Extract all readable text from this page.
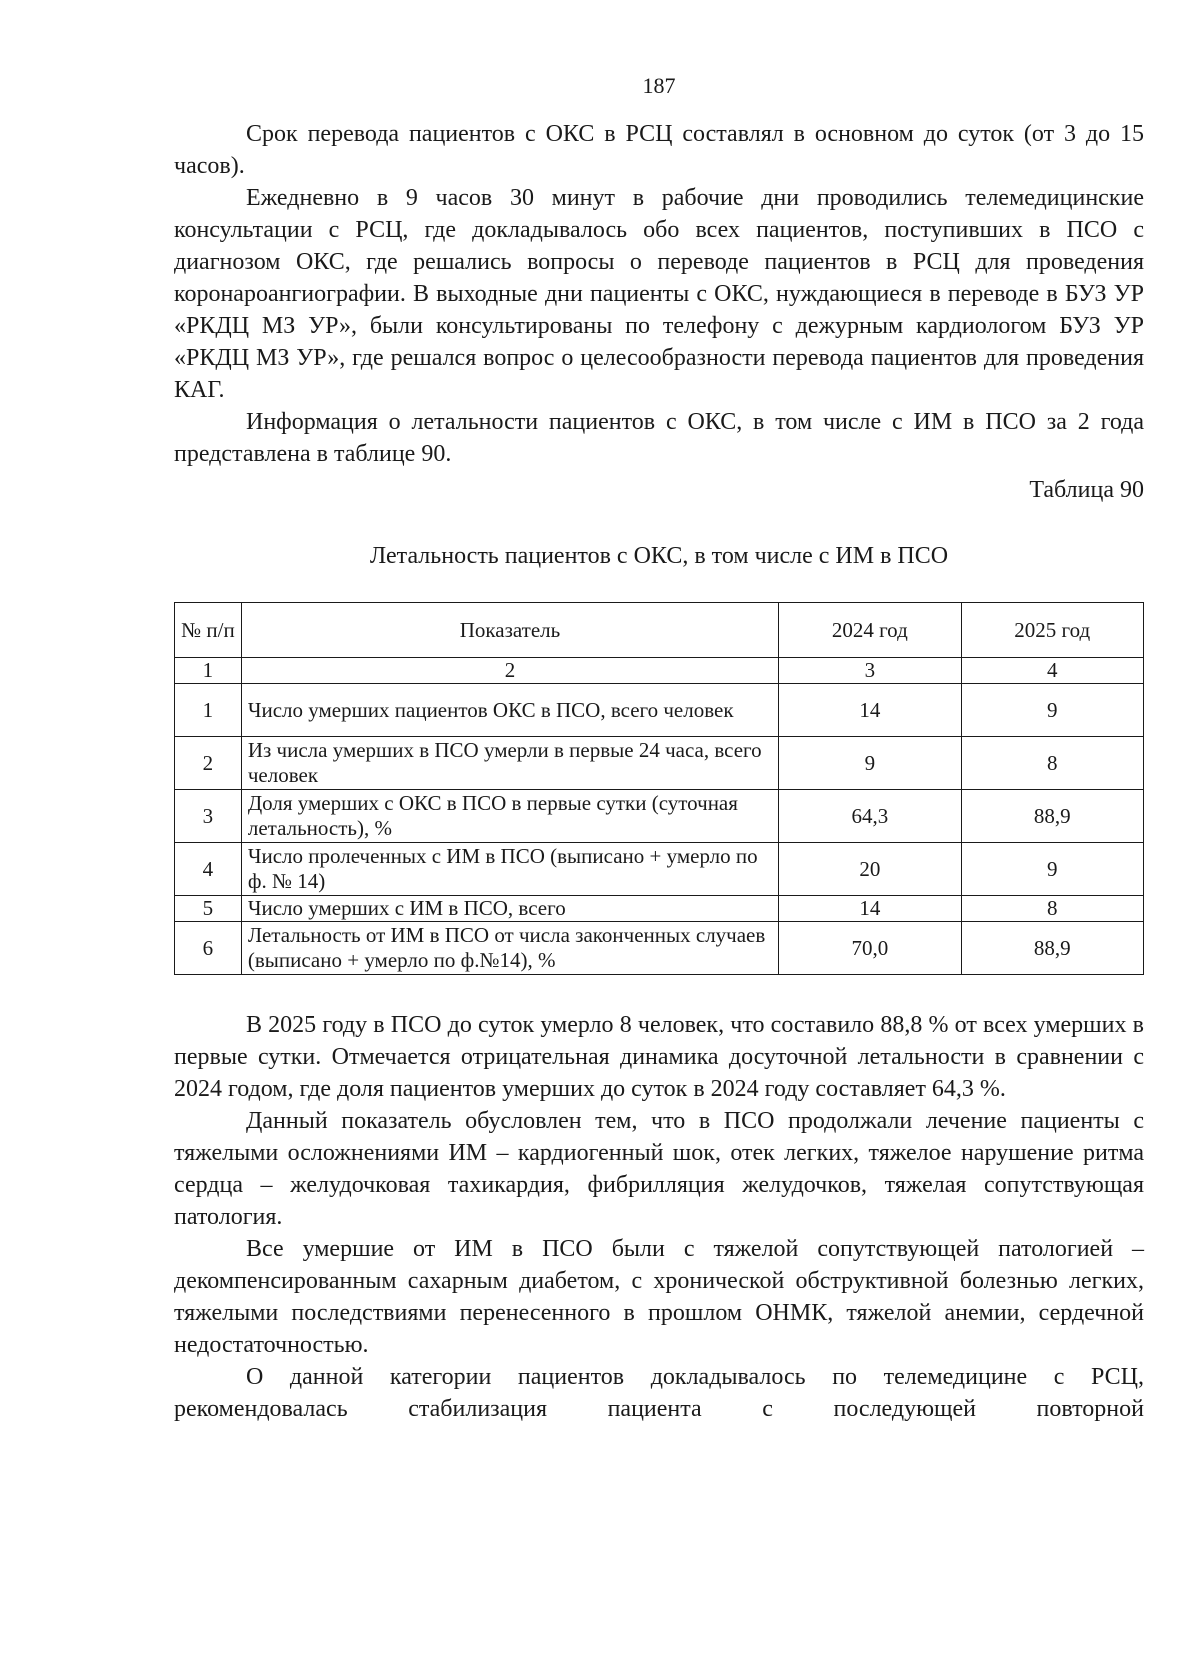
187

Срок перевода пациентов с ОКС в РСЦ составлял в основном до суток (от 3 до 15 часов).

Ежедневно в 9 часов 30 минут в рабочие дни проводились телемедицинские консультации с РСЦ, где докладывалось обо всех пациентов, поступивших в ПСО с диагнозом ОКС, где решались вопросы о переводе пациентов в РСЦ для проведения коронароангиографии. В выходные дни пациенты с ОКС, нуждающиеся в переводе в БУЗ УР «РКДЦ МЗ УР», были консультированы по телефону с дежурным кардиологом БУЗ УР «РКДЦ МЗ УР», где решался вопрос о целесообразности перевода пациентов для проведения КАГ.

Информация о летальности пациентов с ОКС, в том числе с ИМ в ПСО за 2 года представлена в таблице 90.

Таблица 90

Летальность пациентов с ОКС, в том числе с ИМ в ПСО

№ п/п	Показатель	2024 год	2025 год
1	2	3	4
1	Число умерших пациентов ОКС в ПСО, всего человек	14	9
2	Из числа умерших в ПСО умерли в первые 24 часа, всего человек	9	8
3	Доля умерших с ОКС в ПСО в первые сутки (суточная летальность), %	64,3	88,9
4	Число пролеченных с ИМ в ПСО (выписано + умерло по ф. № 14)	20	9
5	Число умерших с ИМ в ПСО, всего	14	8
6	Летальность от ИМ в ПСО от числа законченных случаев (выписано + умерло по ф.№14), %	70,0	88,9

В 2025 году в ПСО до суток умерло 8 человек, что составило 88,8 % от всех умерших в первые сутки. Отмечается отрицательная динамика досуточной летальности в сравнении с 2024 годом, где доля пациентов умерших до суток в 2024 году составляет 64,3 %.

Данный показатель обусловлен тем, что в ПСО продолжали лечение пациенты с тяжелыми осложнениями ИМ – кардиогенный шок, отек легких, тяжелое нарушение ритма сердца – желудочковая тахикардия, фибрилляция желудочков, тяжелая сопутствующая патология.

Все умершие от ИМ в ПСО были с тяжелой сопутствующей патологией – декомпенсированным сахарным диабетом, с хронической обструктивной болезнью легких, тяжелыми последствиями перенесенного в прошлом ОНМК, тяжелой анемии, сердечной недостаточностью.

О данной категории пациентов докладывалось по телемедицине с РСЦ, рекомендовалась стабилизация пациента с последующей повторной
